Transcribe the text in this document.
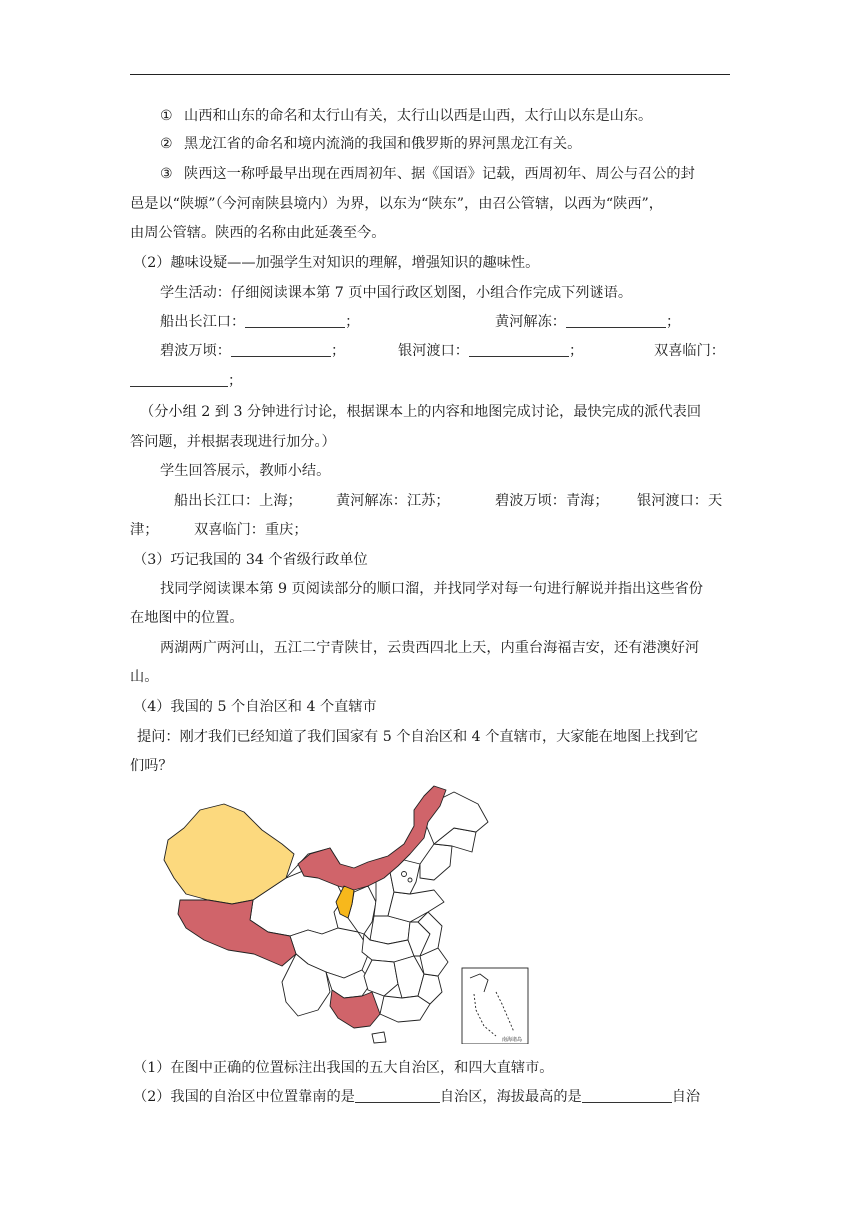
① 山西和山东的命名和太行山有关，太行山以西是山西，太行山以东是山东。
② 黑龙江省的命名和境内流淌的我国和俄罗斯的界河黑龙江有关。
③ 陕西这一称呼最早出现在西周初年、据《国语》记载，西周初年、周公与召公的封
邑是以“陕塬”（今河南陕县境内）为界，以东为“陕东”，由召公管辖，以西为“陕西”，
由周公管辖。陕西的名称由此延袭至今。
（2）趣味设疑——加强学生对知识的理解，增强知识的趣味性。
学生活动：仔细阅读课本第 7 页中国行政区划图，小组合作完成下列谜语。
船出长江口：	；	黄河解冻：	；
碧波万顷：	；	银河渡口：	；	双喜临门：
；
（分小组 2 到 3 分钟进行讨论，根据课本上的内容和地图完成讨论，最快完成的派代表回
答问题，并根据表现进行加分。）
学生回答展示，教师小结。
船出长江口：上海； 黄河解冻：江苏；	碧波万顷：青海； 银河渡口：天
津；	双喜临门：重庆；
（3）巧记我国的 34 个省级行政单位
找同学阅读课本第 9 页阅读部分的顺口溜，并找同学对每一句进行解说并指出这些省份
在地图中的位置。
两湖两广两河山，五江二宁青陕甘，云贵西四北上天，内重台海福吉安，还有港澳好河
山。
（4）我国的 5 个自治区和 4 个直辖市
提问：刚才我们已经知道了我们国家有 5 个自治区和 4 个直辖市，大家能在地图上找到它
们吗？
南海诸岛
（1）在图中正确的位置标注出我国的五大自治区，和四大直辖市。
（2）我国的自治区中位置靠南的是	自治区，海拔最高的是	自治
